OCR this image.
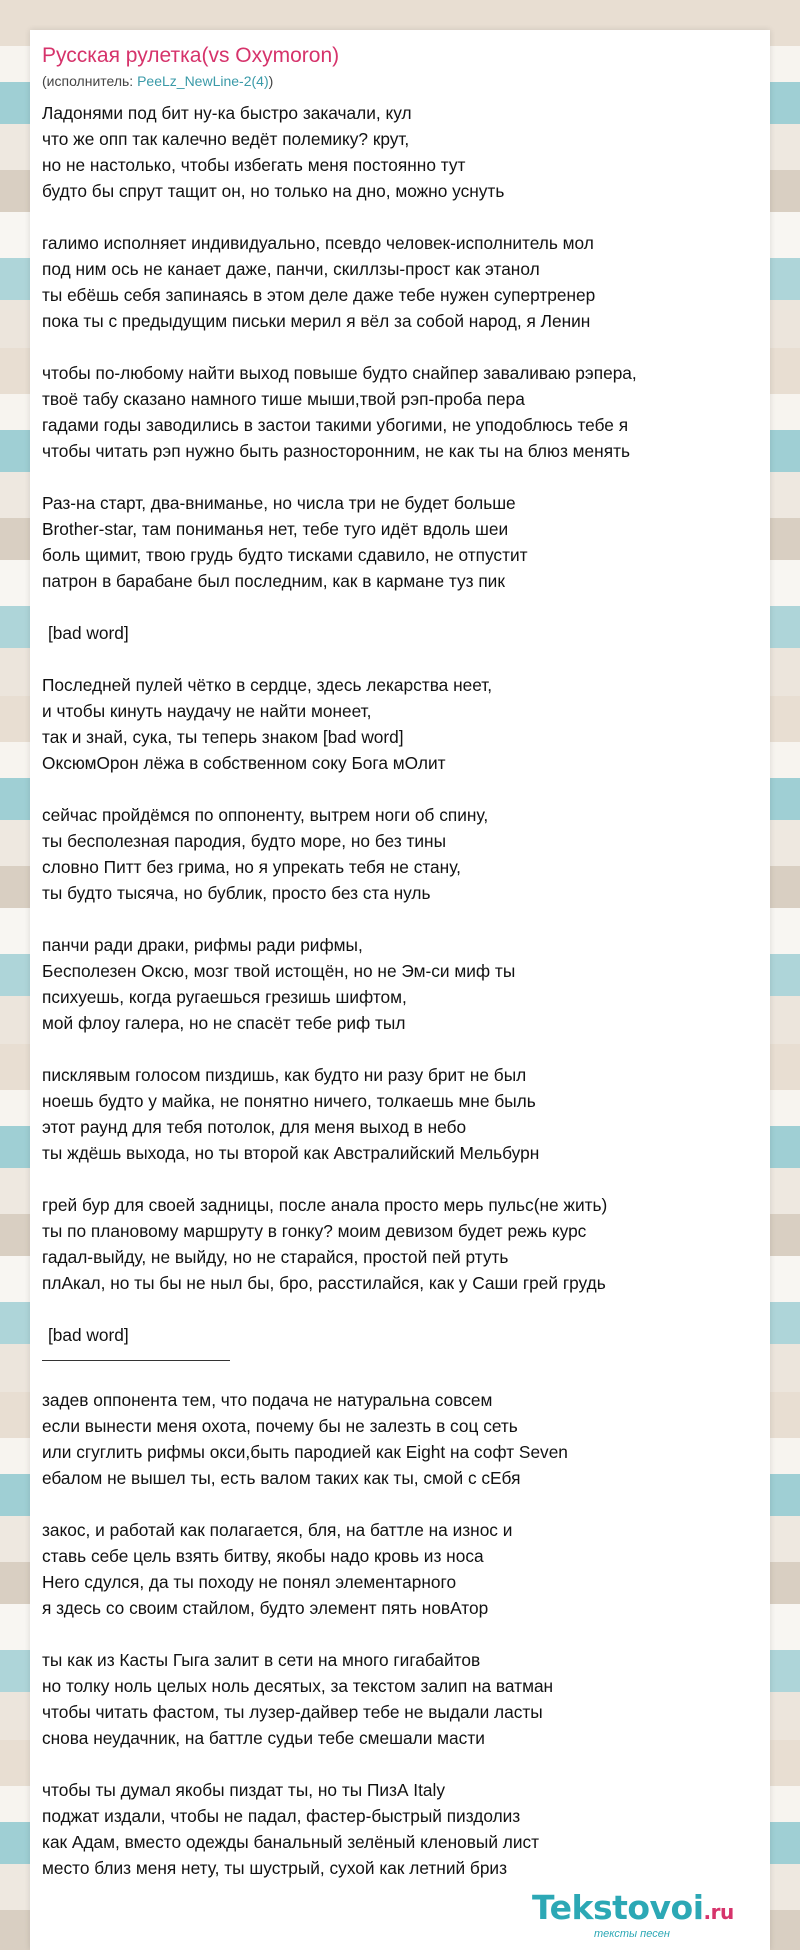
Русская рулетка(vs Oxymoron)
(исполнитель: PeeLz_NewLine-2(4))
Ладонями под бит ну-ка быстро закачали, кул
что же опп так калечно ведёт полемику? крут,
но не настолько, чтобы избегать меня постоянно тут
будто бы спрут тащит он, но только на дно, можно уснуть
галимо исполняет индивидуально, псевдо человек-исполнитель мол
под ним ось не канает даже, панчи, скиллзы-прост как этанол
ты ебёшь себя запинаясь в этом деле даже тебе нужен супертренер
пока ты с предыдущим письки мерил я вёл за собой народ, я Ленин
чтобы по-любому найти выход повыше будто снайпер заваливаю рэпера,
твоё табу сказано намного тише мыши,твой рэп-проба пера
гадами годы заводились в застои такими убогими, не уподоблюсь тебе я
чтобы читать рэп нужно быть разносторонним, не как ты на блюз менять
Раз-на старт, два-вниманье, но числа три не будет больше
Brother-star, там пониманья нет, тебе туго идёт вдоль шеи
боль щимит, твою грудь будто тисками сдавило, не отпустит
патрон в барабане был последним, как в кармане туз пик
[bad word]
Последней пулей чётко в сердце, здесь лекарства неет,
и чтобы кинуть наудачу не найти монеет,
так и знай, сука, ты теперь знаком [bad word]
ОксюмОрон лёжа в собственном соку Бога мОлит
сейчас пройдёмся по оппоненту, вытрем ноги об спину,
ты бесполезная пародия, будто море, но без тины
словно Питт без грима, но я упрекать тебя не стану,
ты будто тысяча, но бублик, просто без ста нуль
панчи ради драки, рифмы ради рифмы,
Бесполезен Оксю, мозг твой истощён, но не Эм-си миф ты
психуешь, когда ругаешься грезишь шифтом,
мой флоу галера, но не спасёт тебе риф тыл
писклявым голосом пиздишь, как будто ни разу брит не был
ноешь будто у майка, не понятно ничего, толкаешь мне быль
этот раунд для тебя потолок, для меня выход в небо
ты ждёшь выхода, но ты второй как Австралийский Мельбурн
грей бур для своей задницы, после анала просто мерь пульс(не жить)
ты по плановому маршруту в гонку? моим девизом будет режь курс
гадал-выйду, не выйду, но не старайся, простой пей ртуть
плАкал, но ты бы не ныл бы, бро, расстилайся, как у Саши грей грудь
[bad word]
задев оппонента тем, что подача не натуральна совсем
если вынести меня охота, почему бы не залезть в соц сеть
или сгуглить рифмы окси,быть пародией как Eight на софт Seven
ебалом не вышел ты, есть валом таких как ты, смой с сЕбя
закос, и работай как полагается, бля, на баттле на износ и
ставь себе цель взять битву, якобы надо кровь из носа
Hero сдулся, да ты походу не понял элементарного
я здесь со своим стайлом, будто элемент пять новАтор
ты как из Касты Гыга залит в сети на много гигабайтов
но толку ноль целых ноль десятых, за текстом залип на ватман
чтобы читать фастом, ты лузер-дайвер тебе не выдали ласты
снова неудачник, на баттле судьи тебе смешали масти
чтобы ты думал якобы пиздат ты, но ты ПизА Italy
поджат издали, чтобы не падал, фастер-быстрый пиздолиз
как Адам, вместо одежды банальный зелёный кленовый лист
место близ меня нету, ты шустрый, сухой как летний бриз
Tekstovoi.ru
тексты песен
